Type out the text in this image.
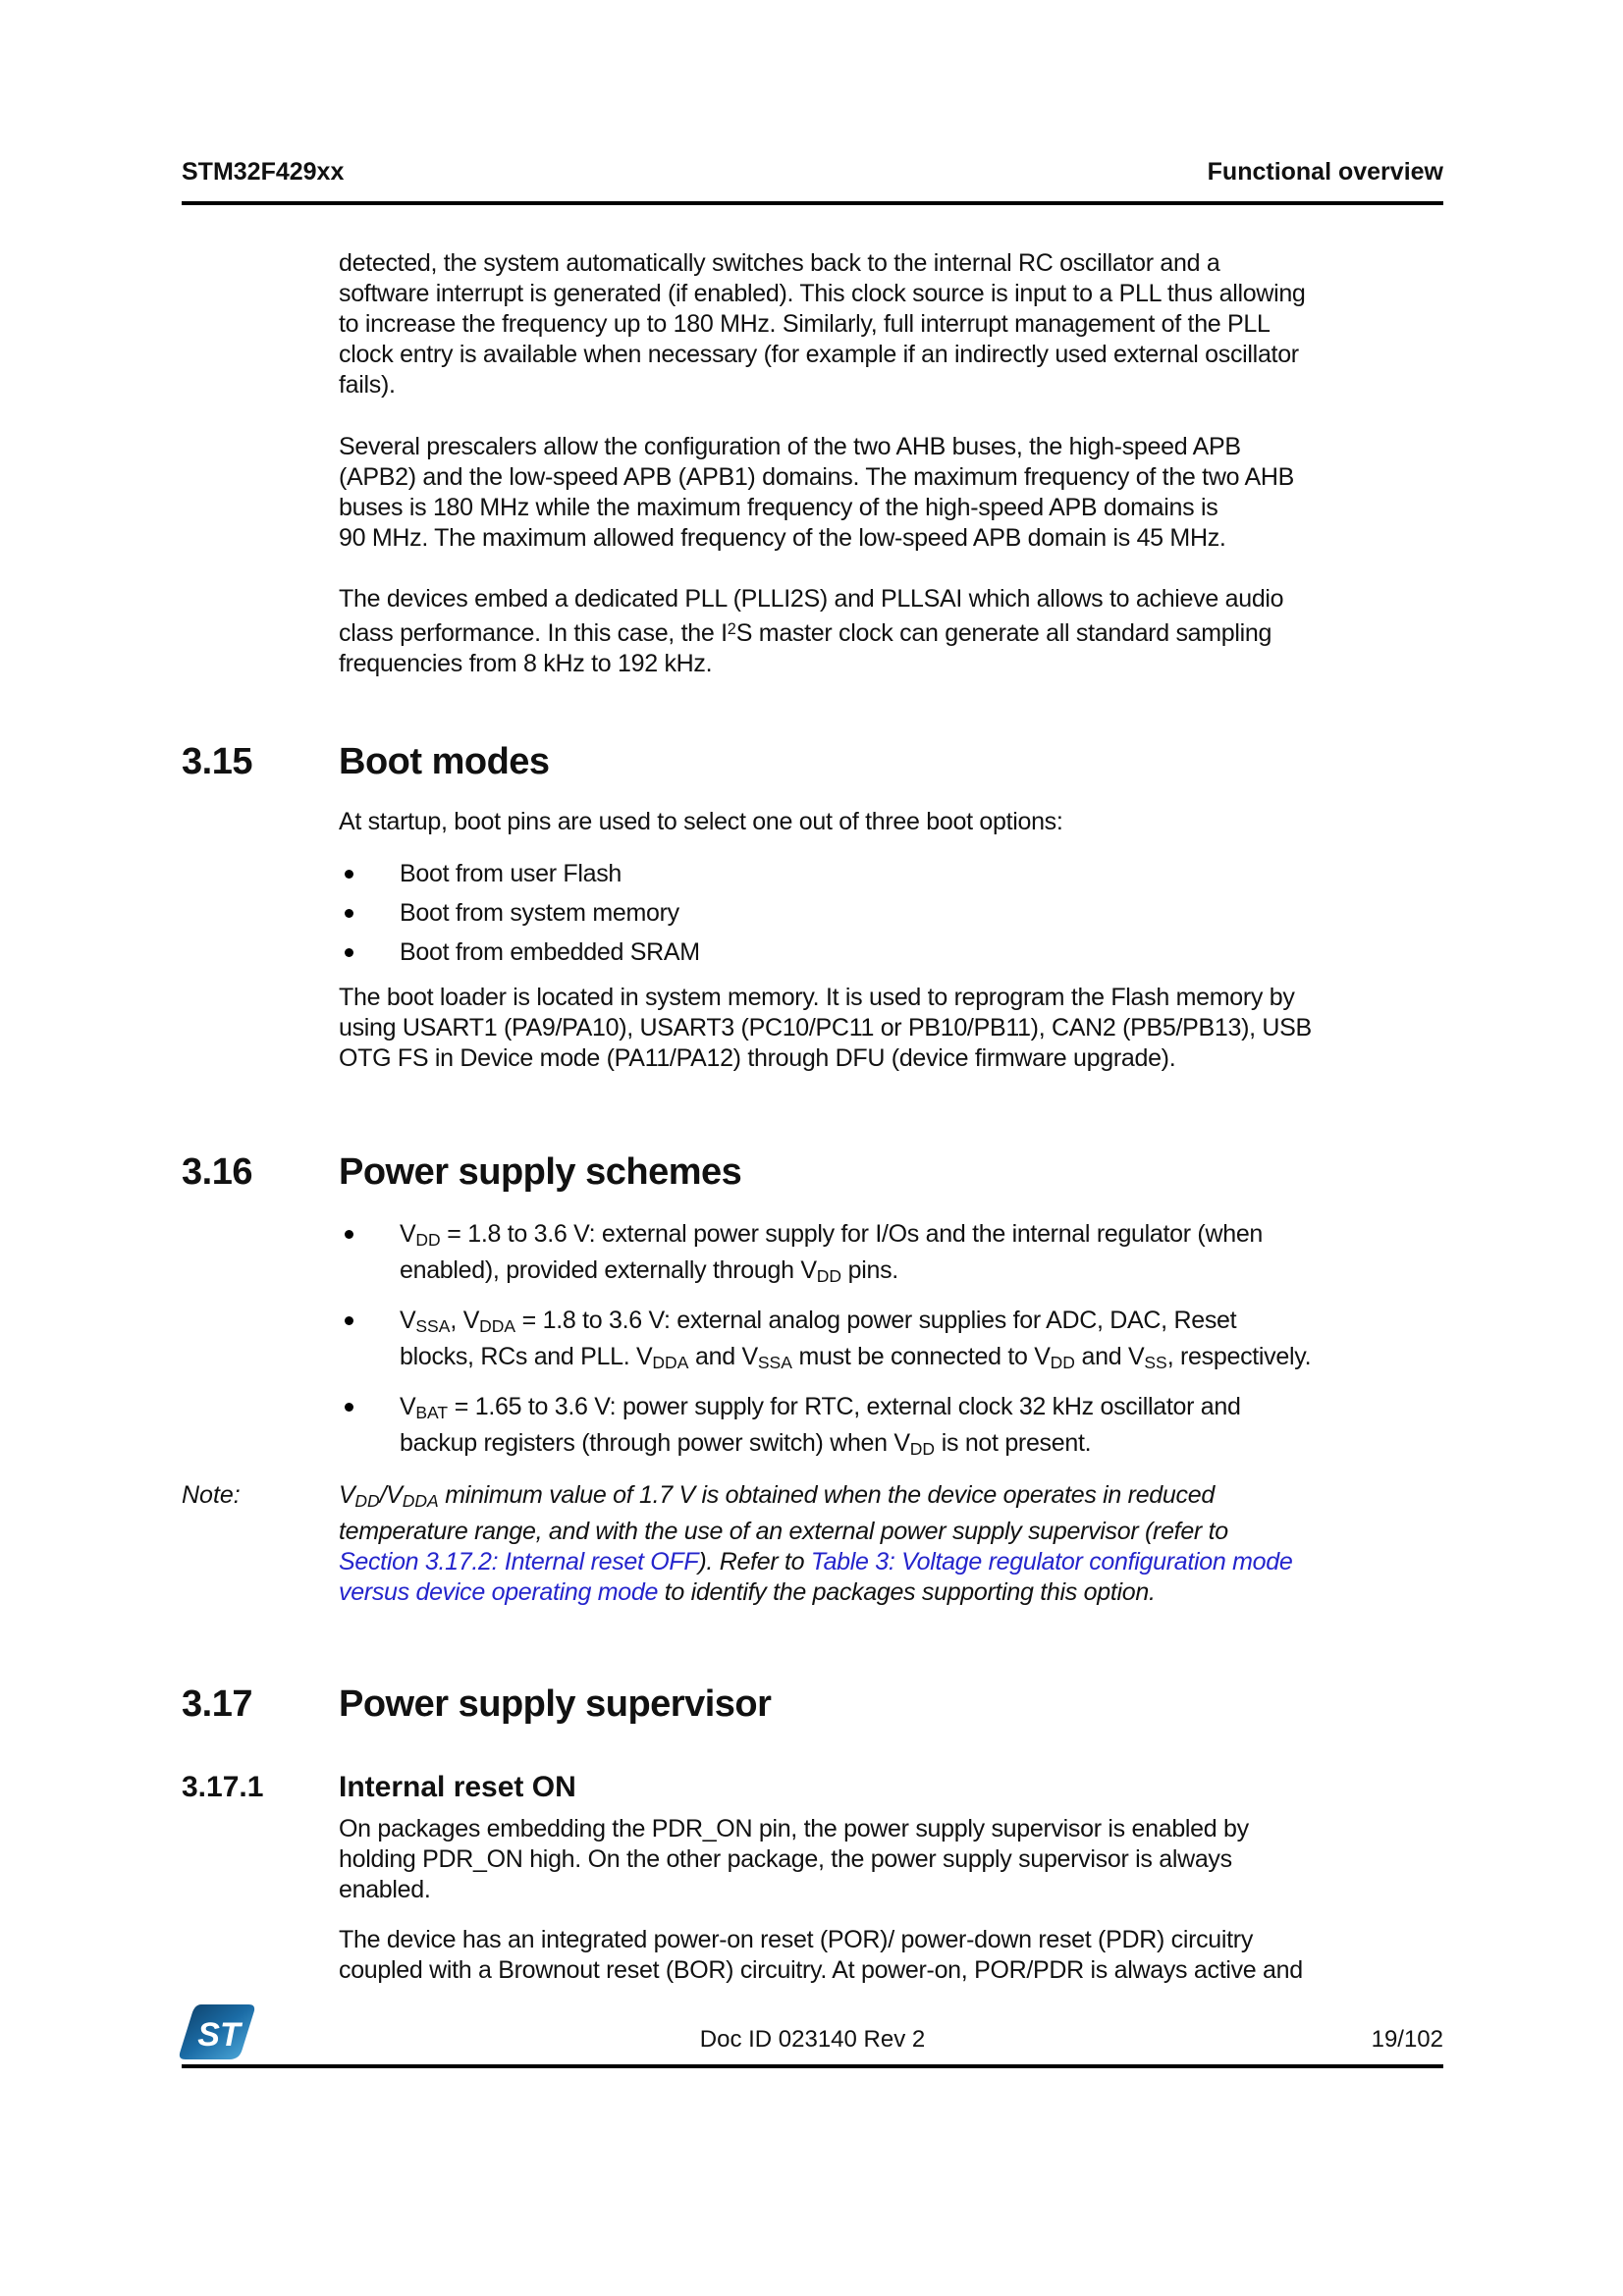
STM32F429xx	Functional overview

detected, the system automatically switches back to the internal RC oscillator and a
software interrupt is generated (if enabled). This clock source is input to a PLL thus allowing
to increase the frequency up to 180 MHz. Similarly, full interrupt management of the PLL
clock entry is available when necessary (for example if an indirectly used external oscillator
fails).

Several prescalers allow the configuration of the two AHB buses, the high-speed APB
(APB2) and the low-speed APB (APB1) domains. The maximum frequency of the two AHB
buses is 180 MHz while the maximum frequency of the high-speed APB domains is
90 MHz. The maximum allowed frequency of the low-speed APB domain is 45 MHz.

The devices embed a dedicated PLL (PLLI2S) and PLLSAI which allows to achieve audio
class performance. In this case, the $I^2S$ master clock can generate all standard sampling
frequencies from 8 kHz to 192 kHz.

3.15	Boot modes

At startup, boot pins are used to select one out of three boot options:

Boot from user Flash
Boot from system memory
Boot from embedded SRAM

The boot loader is located in system memory. It is used to reprogram the Flash memory by
using USART1 (PA9/PA10), USART3 (PC10/PC11 or PB10/PB11), CAN2 (PB5/PB13), USB
OTG FS in Device mode (PA11/PA12) through DFU (device firmware upgrade).

3.16	Power supply schemes
$V_{DD} = 1.8$ to 3.6 V: external power supply for I/Os and the internal regulator (when
enabled), provided externally through $V_{DD}$ pins.
$V_{SSA}$, $V_{DDA} = 1.8$ to 3.6 V: external analog power supplies for ADC, DAC, Reset
blocks, RCs and PLL. $V_{DDA}$ and $V_{SSA}$ must be connected to $V_{DD}$ and $V_{SS}$, respectively.
$V_{BAT} = 1.65$ to 3.6 V: power supply for RTC, external clock 32 kHz oscillator and
backup registers (through power switch) when $V_{DD}$ is not present.
Note:	$V_{DD}/V_{DDA}$ minimum value of 1.7 V is obtained when the device operates in reduced
temperature range, and with the use of an external power supply supervisor (refer to
Section 3.17.2: Internal reset OFF). Refer to Table 3: Voltage regulator configuration mode
versus device operating mode to identify the packages supporting this option.
3.17	Power supply supervisor
3.17.1	Internal reset ON

On packages embedding the PDR_ON pin, the power supply supervisor is enabled by
holding PDR_ON high. On the other package, the power supply supervisor is always
enabled.

The device has an integrated power-on reset (POR)/ power-down reset (PDR) circuitry
coupled with a Brownout reset (BOR) circuitry. At power-on, POR/PDR is always active and

ST	Doc ID 023140 Rev 2	19/102
